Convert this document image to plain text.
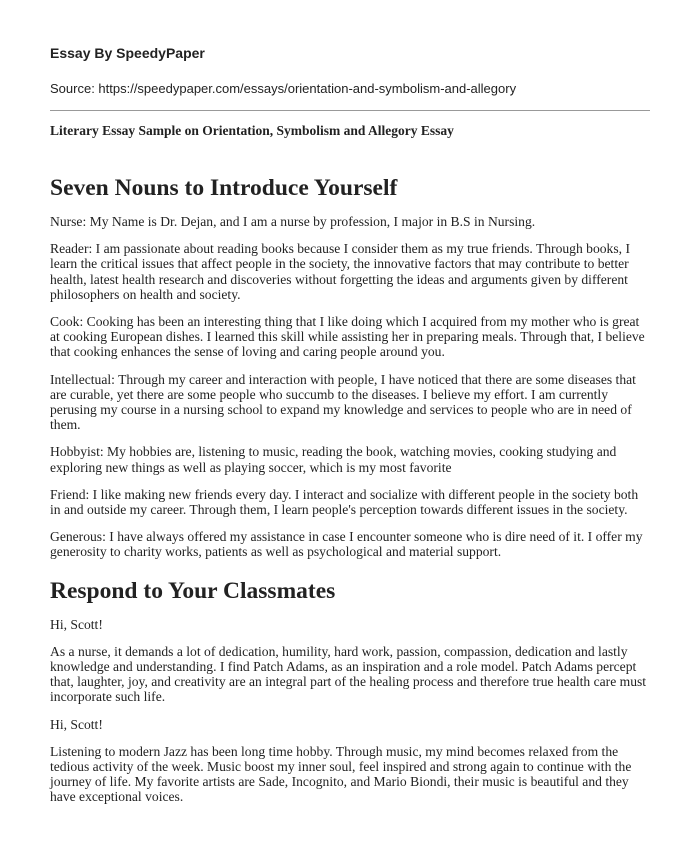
Essay By SpeedyPaper

Source: https://speedypaper.com/essays/orientation-and-symbolism-and-allegory

Literary Essay Sample on Orientation, Symbolism and Allegory Essay

Seven Nouns to Introduce Yourself

Nurse: My Name is Dr. Dejan, and I am a nurse by profession, I major in B.S in Nursing.

Reader: I am passionate about reading books because I consider them as my true friends. Through books, I learn the critical issues that affect people in the society, the innovative factors that may contribute to better health, latest health research and discoveries without forgetting the ideas and arguments given by different philosophers on health and society.

Cook: Cooking has been an interesting thing that I like doing which I acquired from my mother who is great at cooking European dishes. I learned this skill while assisting her in preparing meals. Through that, I believe that cooking enhances the sense of loving and caring people around you.

Intellectual: Through my career and interaction with people, I have noticed that there are some diseases that are curable, yet there are some people who succumb to the diseases. I believe my effort. I am currently perusing my course in a nursing school to expand my knowledge and services to people who are in need of them.

Hobbyist: My hobbies are, listening to music, reading the book, watching movies, cooking studying and exploring new things as well as playing soccer, which is my most favorite

Friend: I like making new friends every day. I interact and socialize with different people in the society both in and outside my career. Through them, I learn people's perception towards different issues in the society.

Generous: I have always offered my assistance in case I encounter someone who is dire need of it. I offer my generosity to charity works, patients as well as psychological and material support.

Respond to Your Classmates

Hi, Scott!

As a nurse, it demands a lot of dedication, humility, hard work, passion, compassion, dedication and lastly knowledge and understanding. I find Patch Adams, as an inspiration and a role model. Patch Adams percept that, laughter, joy, and creativity are an integral part of the healing process and therefore true health care must incorporate such life.

Hi, Scott!

Listening to modern Jazz has been long time hobby. Through music, my mind becomes relaxed from the tedious activity of the week. Music boost my inner soul, feel inspired and strong again to continue with the journey of life. My favorite artists are Sade, Incognito, and Mario Biondi, their music is beautiful and they have exceptional voices.
